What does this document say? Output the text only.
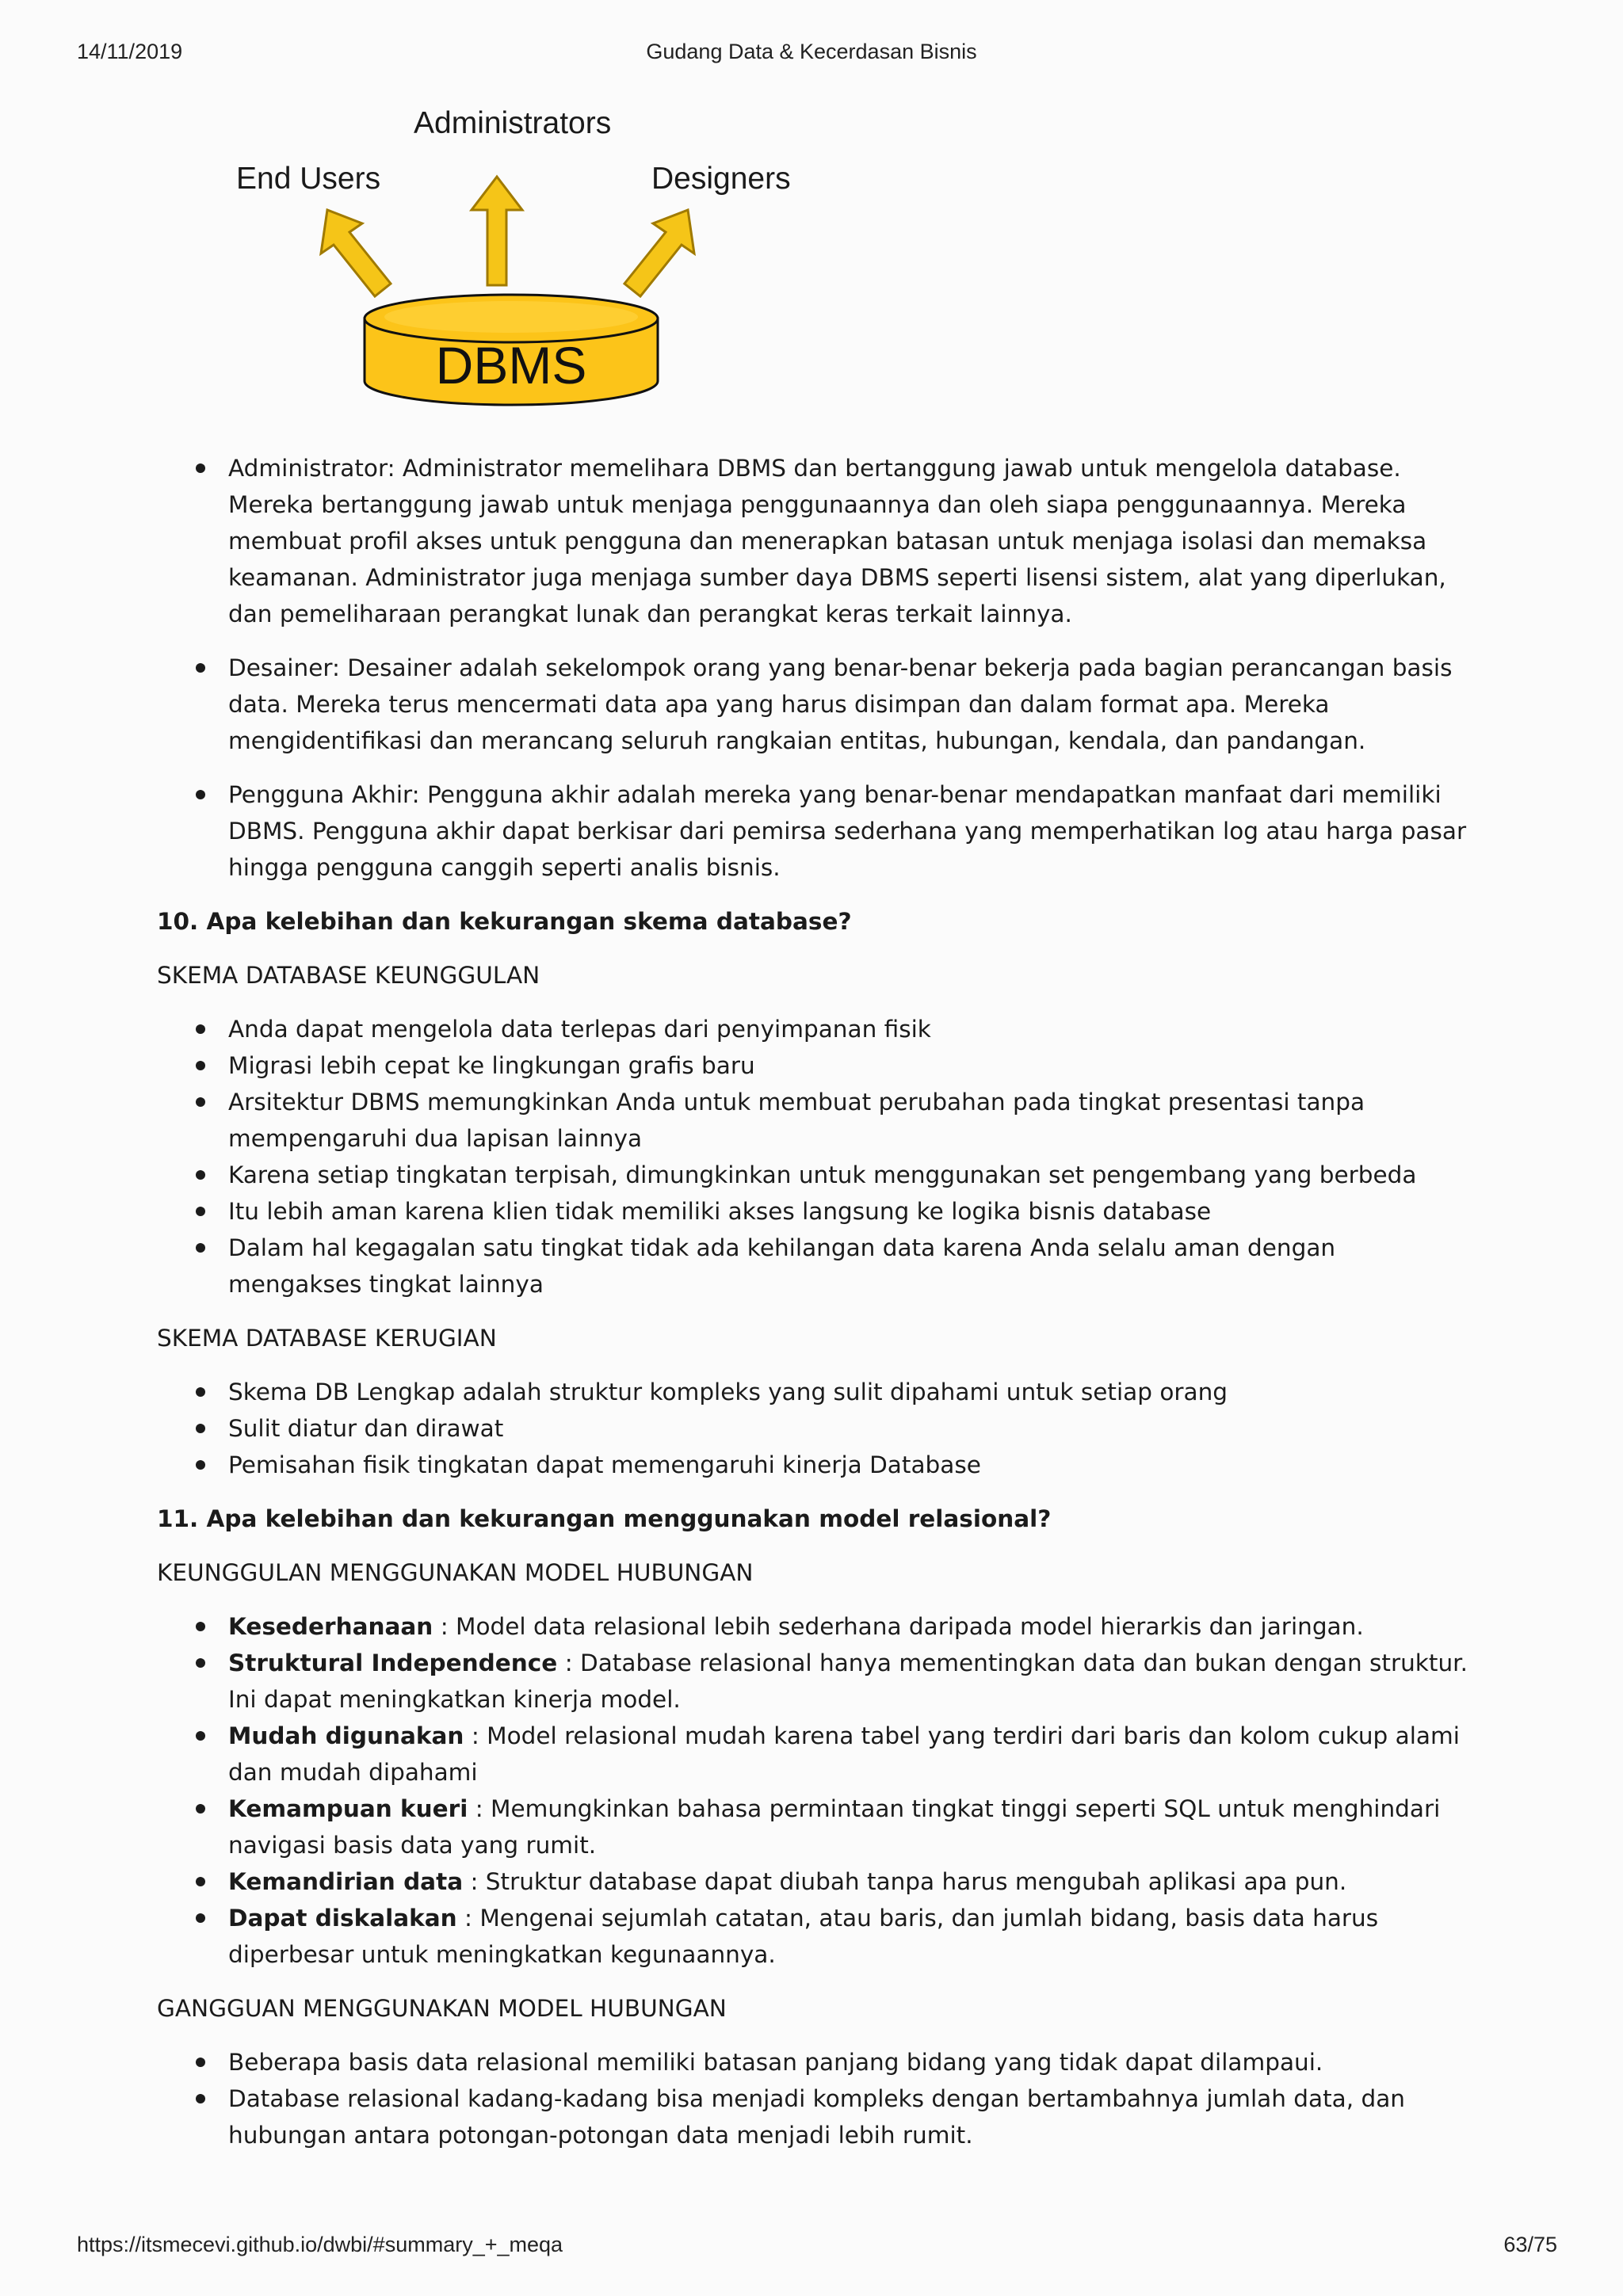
14/11/2019	Gudang Data & Kecerdasan Bisnis
Administrators
End Users	Designers
DBMS
Administrator: Administrator memelihara DBMS dan bertanggung jawab untuk mengelola database. Mereka bertanggung jawab untuk menjaga penggunaannya dan oleh siapa penggunaannya. Mereka membuat profil akses untuk pengguna dan menerapkan batasan untuk menjaga isolasi dan memaksa keamanan. Administrator juga menjaga sumber daya DBMS seperti lisensi sistem, alat yang diperlukan, dan pemeliharaan perangkat lunak dan perangkat keras terkait lainnya.
Desainer: Desainer adalah sekelompok orang yang benar-benar bekerja pada bagian perancangan basis data. Mereka terus mencermati data apa yang harus disimpan dan dalam format apa. Mereka mengidentifikasi dan merancang seluruh rangkaian entitas, hubungan, kendala, dan pandangan.
Pengguna Akhir: Pengguna akhir adalah mereka yang benar-benar mendapatkan manfaat dari memiliki DBMS. Pengguna akhir dapat berkisar dari pemirsa sederhana yang memperhatikan log atau harga pasar hingga pengguna canggih seperti analis bisnis.

10. Apa kelebihan dan kekurangan skema database?

SKEMA DATABASE KEUNGGULAN

Anda dapat mengelola data terlepas dari penyimpanan fisik
Migrasi lebih cepat ke lingkungan grafis baru
Arsitektur DBMS memungkinkan Anda untuk membuat perubahan pada tingkat presentasi tanpa mempengaruhi dua lapisan lainnya
Karena setiap tingkatan terpisah, dimungkinkan untuk menggunakan set pengembang yang berbeda
Itu lebih aman karena klien tidak memiliki akses langsung ke logika bisnis database
Dalam hal kegagalan satu tingkat tidak ada kehilangan data karena Anda selalu aman dengan mengakses tingkat lainnya

SKEMA DATABASE KERUGIAN

Skema DB Lengkap adalah struktur kompleks yang sulit dipahami untuk setiap orang
Sulit diatur dan dirawat
Pemisahan fisik tingkatan dapat memengaruhi kinerja Database

11. Apa kelebihan dan kekurangan menggunakan model relasional?

KEUNGGULAN MENGGUNAKAN MODEL HUBUNGAN

Kesederhanaan : Model data relasional lebih sederhana daripada model hierarkis dan jaringan.
Struktural Independence : Database relasional hanya mementingkan data dan bukan dengan struktur. Ini dapat meningkatkan kinerja model.
Mudah digunakan : Model relasional mudah karena tabel yang terdiri dari baris dan kolom cukup alami dan mudah dipahami
Kemampuan kueri : Memungkinkan bahasa permintaan tingkat tinggi seperti SQL untuk menghindari navigasi basis data yang rumit.
Kemandirian data : Struktur database dapat diubah tanpa harus mengubah aplikasi apa pun.
Dapat diskalakan : Mengenai sejumlah catatan, atau baris, dan jumlah bidang, basis data harus diperbesar untuk meningkatkan kegunaannya.

GANGGUAN MENGGUNAKAN MODEL HUBUNGAN

Beberapa basis data relasional memiliki batasan panjang bidang yang tidak dapat dilampaui.
Database relasional kadang-kadang bisa menjadi kompleks dengan bertambahnya jumlah data, dan hubungan antara potongan-potongan data menjadi lebih rumit.
https://itsmecevi.github.io/dwbi/#summary_+_meqa	63/75
